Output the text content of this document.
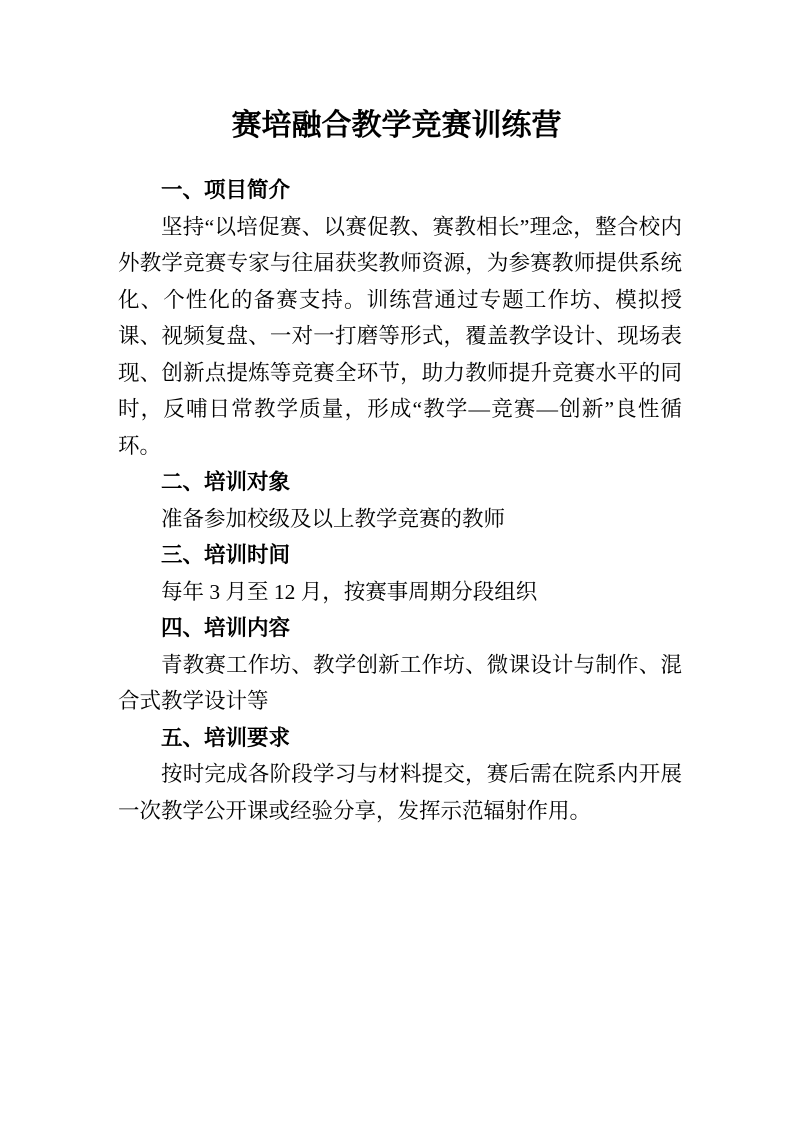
赛培融合教学竞赛训练营
一、项目简介

坚持“以培促赛、以赛促教、赛教相长”理念，整合校内外教学竞赛专家与往届获奖教师资源，为参赛教师提供系统化、个性化的备赛支持。训练营通过专题工作坊、模拟授课、视频复盘、一对一打磨等形式，覆盖教学设计、现场表现、创新点提炼等竞赛全环节，助力教师提升竞赛水平的同时，反哺日常教学质量，形成“教学—竞赛—创新”良性循环。

二、培训对象

准备参加校级及以上教学竞赛的教师

三、培训时间

每年 3 月至 12 月，按赛事周期分段组织

四、培训内容

青教赛工作坊、教学创新工作坊、微课设计与制作、混合式教学设计等

五、培训要求

按时完成各阶段学习与材料提交，赛后需在院系内开展一次教学公开课或经验分享，发挥示范辐射作用。
